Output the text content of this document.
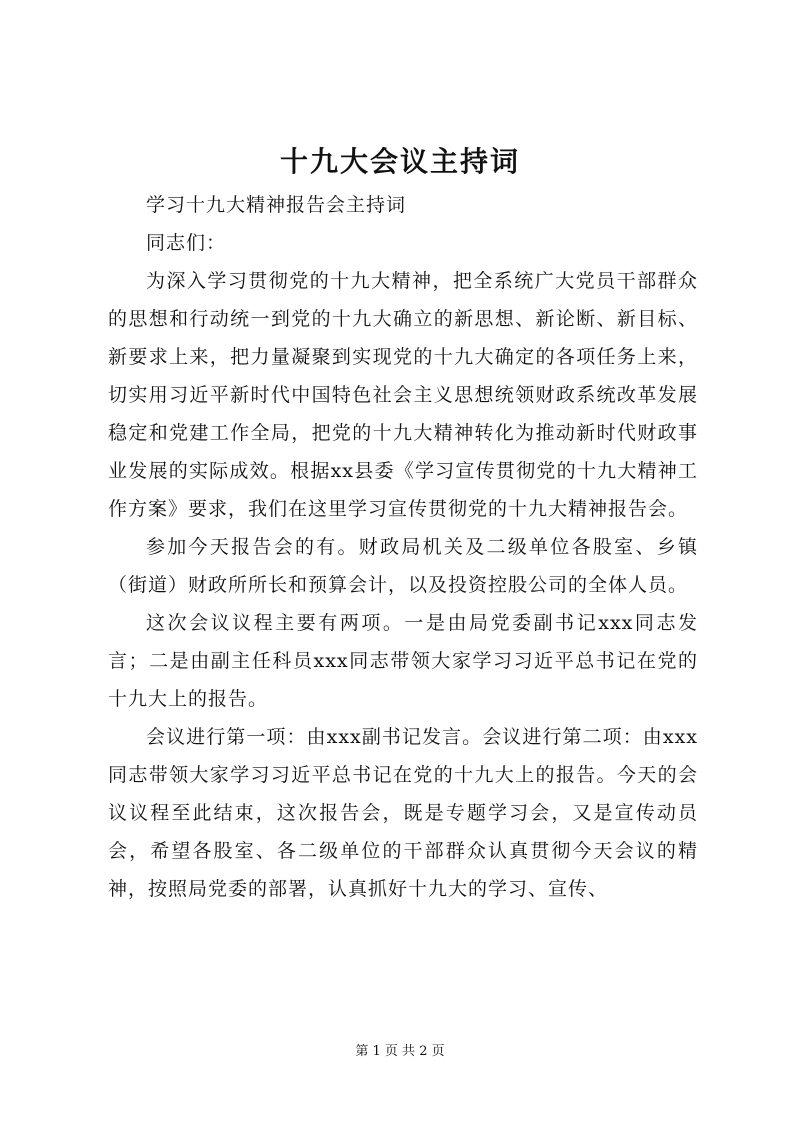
十九大会议主持词

学习十九大精神报告会主持词

同志们：

为深入学习贯彻党的十九大精神，把全系统广大党员干部群众的思想和行动统一到党的十九大确立的新思想、新论断、新目标、新要求上来，把力量凝聚到实现党的十九大确定的各项任务上来，切实用习近平新时代中国特色社会主义思想统领财政系统改革发展稳定和党建工作全局，把党的十九大精神转化为推动新时代财政事业发展的实际成效。根据xx县委《学习宣传贯彻党的十九大精神工作方案》要求，我们在这里学习宣传贯彻党的十九大精神报告会。

参加今天报告会的有。财政局机关及二级单位各股室、乡镇（街道）财政所所长和预算会计，以及投资控股公司的全体人员。

这次会议议程主要有两项。一是由局党委副书记xxx同志发言；二是由副主任科员xxx同志带领大家学习习近平总书记在党的十九大上的报告。

会议进行第一项：由xxx副书记发言。会议进行第二项：由xxx同志带领大家学习习近平总书记在党的十九大上的报告。今天的会议议程至此结束，这次报告会，既是专题学习会，又是宣传动员会，希望各股室、各二级单位的干部群众认真贯彻今天会议的精神，按照局党委的部署，认真抓好十九大的学习、宣传、

第 1 页 共 2 页
